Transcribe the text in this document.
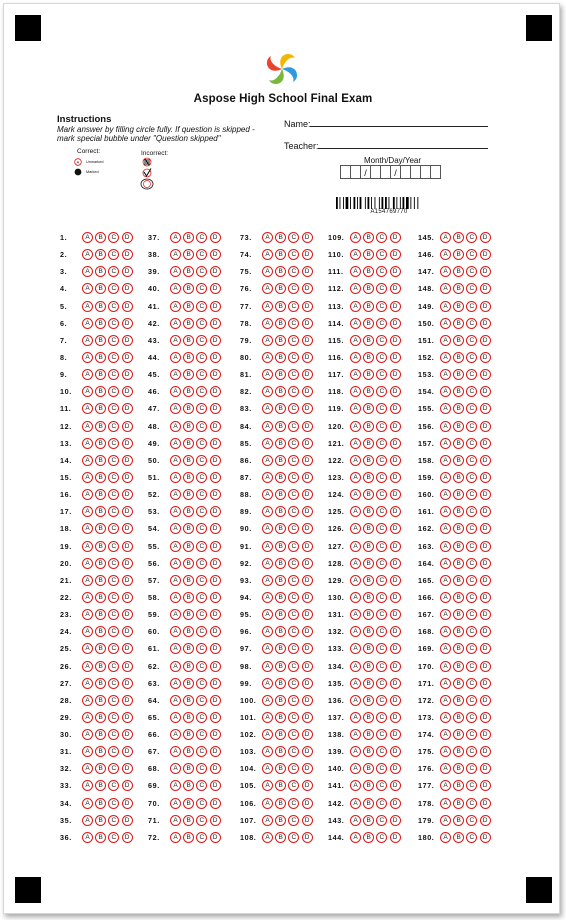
Aspose High School Final Exam
Instructions
Mark answer by filling circle fully. If question is skipped - mark special bubble under "Question skipped"
Correct:	Incorrect:
A Unmarked
Marked
Name:
Teacher:
Month/Day/Year
/	/
A154769770
1.	A	B	C	D
2.	A	B	C	D
3.	A	B	C	D
4.	A	B	C	D
5.	A	B	C	D
6.	A	B	C	D
7.	A	B	C	D
8.	A	B	C	D
9.	A	B	C	D
10.	A	B	C	D
11.	A	B	C	D
12.	A	B	C	D
13.	A	B	C	D
14.	A	B	C	D
15.	A	B	C	D
16.	A	B	C	D
17.	A	B	C	D
18.	A	B	C	D
19.	A	B	C	D
20.	A	B	C	D
21.	A	B	C	D
22.	A	B	C	D
23.	A	B	C	D
24.	A	B	C	D
25.	A	B	C	D
26.	A	B	C	D
27.	A	B	C	D
28.	A	B	C	D
29.	A	B	C	D
30.	A	B	C	D
31.	A	B	C	D
32.	A	B	C	D
33.	A	B	C	D
34.	A	B	C	D
35.	A	B	C	D
36.	A	B	C	D
37.	A	B	C	D
38.	A	B	C	D
39.	A	B	C	D
40.	A	B	C	D
41.	A	B	C	D
42.	A	B	C	D
43.	A	B	C	D
44.	A	B	C	D
45.	A	B	C	D
46.	A	B	C	D
47.	A	B	C	D
48.	A	B	C	D
49.	A	B	C	D
50.	A	B	C	D
51.	A	B	C	D
52.	A	B	C	D
53.	A	B	C	D
54.	A	B	C	D
55.	A	B	C	D
56.	A	B	C	D
57.	A	B	C	D
58.	A	B	C	D
59.	A	B	C	D
60.	A	B	C	D
61.	A	B	C	D
62.	A	B	C	D
63.	A	B	C	D
64.	A	B	C	D
65.	A	B	C	D
66.	A	B	C	D
67.	A	B	C	D
68.	A	B	C	D
69.	A	B	C	D
70.	A	B	C	D
71.	A	B	C	D
72.	A	B	C	D
73.	A	B	C	D
74.	A	B	C	D
75.	A	B	C	D
76.	A	B	C	D
77.	A	B	C	D
78.	A	B	C	D
79.	A	B	C	D
80.	A	B	C	D
81.	A	B	C	D
82.	A	B	C	D
83.	A	B	C	D
84.	A	B	C	D
85.	A	B	C	D
86.	A	B	C	D
87.	A	B	C	D
88.	A	B	C	D
89.	A	B	C	D
90.	A	B	C	D
91.	A	B	C	D
92.	A	B	C	D
93.	A	B	C	D
94.	A	B	C	D
95.	A	B	C	D
96.	A	B	C	D
97.	A	B	C	D
98.	A	B	C	D
99.	A	B	C	D
100.	A	B	C	D
101.	A	B	C	D
102.	A	B	C	D
103.	A	B	C	D
104.	A	B	C	D
105.	A	B	C	D
106.	A	B	C	D
107.	A	B	C	D
108.	A	B	C	D
109.	A	B	C	D
110.	A	B	C	D
111.	A	B	C	D
112.	A	B	C	D
113.	A	B	C	D
114.	A	B	C	D
115.	A	B	C	D
116.	A	B	C	D
117.	A	B	C	D
118.	A	B	C	D
119.	A	B	C	D
120.	A	B	C	D
121.	A	B	C	D
122.	A	B	C	D
123.	A	B	C	D
124.	A	B	C	D
125.	A	B	C	D
126.	A	B	C	D
127.	A	B	C	D
128.	A	B	C	D
129.	A	B	C	D
130.	A	B	C	D
131.	A	B	C	D
132.	A	B	C	D
133.	A	B	C	D
134.	A	B	C	D
135.	A	B	C	D
136.	A	B	C	D
137.	A	B	C	D
138.	A	B	C	D
139.	A	B	C	D
140.	A	B	C	D
141.	A	B	C	D
142.	A	B	C	D
143.	A	B	C	D
144.	A	B	C	D
145.	A	B	C	D
146.	A	B	C	D
147.	A	B	C	D
148.	A	B	C	D
149.	A	B	C	D
150.	A	B	C	D
151.	A	B	C	D
152.	A	B	C	D
153.	A	B	C	D
154.	A	B	C	D
155.	A	B	C	D
156.	A	B	C	D
157.	A	B	C	D
158.	A	B	C	D
159.	A	B	C	D
160.	A	B	C	D
161.	A	B	C	D
162.	A	B	C	D
163.	A	B	C	D
164.	A	B	C	D
165.	A	B	C	D
166.	A	B	C	D
167.	A	B	C	D
168.	A	B	C	D
169.	A	B	C	D
170.	A	B	C	D
171.	A	B	C	D
172.	A	B	C	D
173.	A	B	C	D
174.	A	B	C	D
175.	A	B	C	D
176.	A	B	C	D
177.	A	B	C	D
178.	A	B	C	D
179.	A	B	C	D
180.	A	B	C	D
